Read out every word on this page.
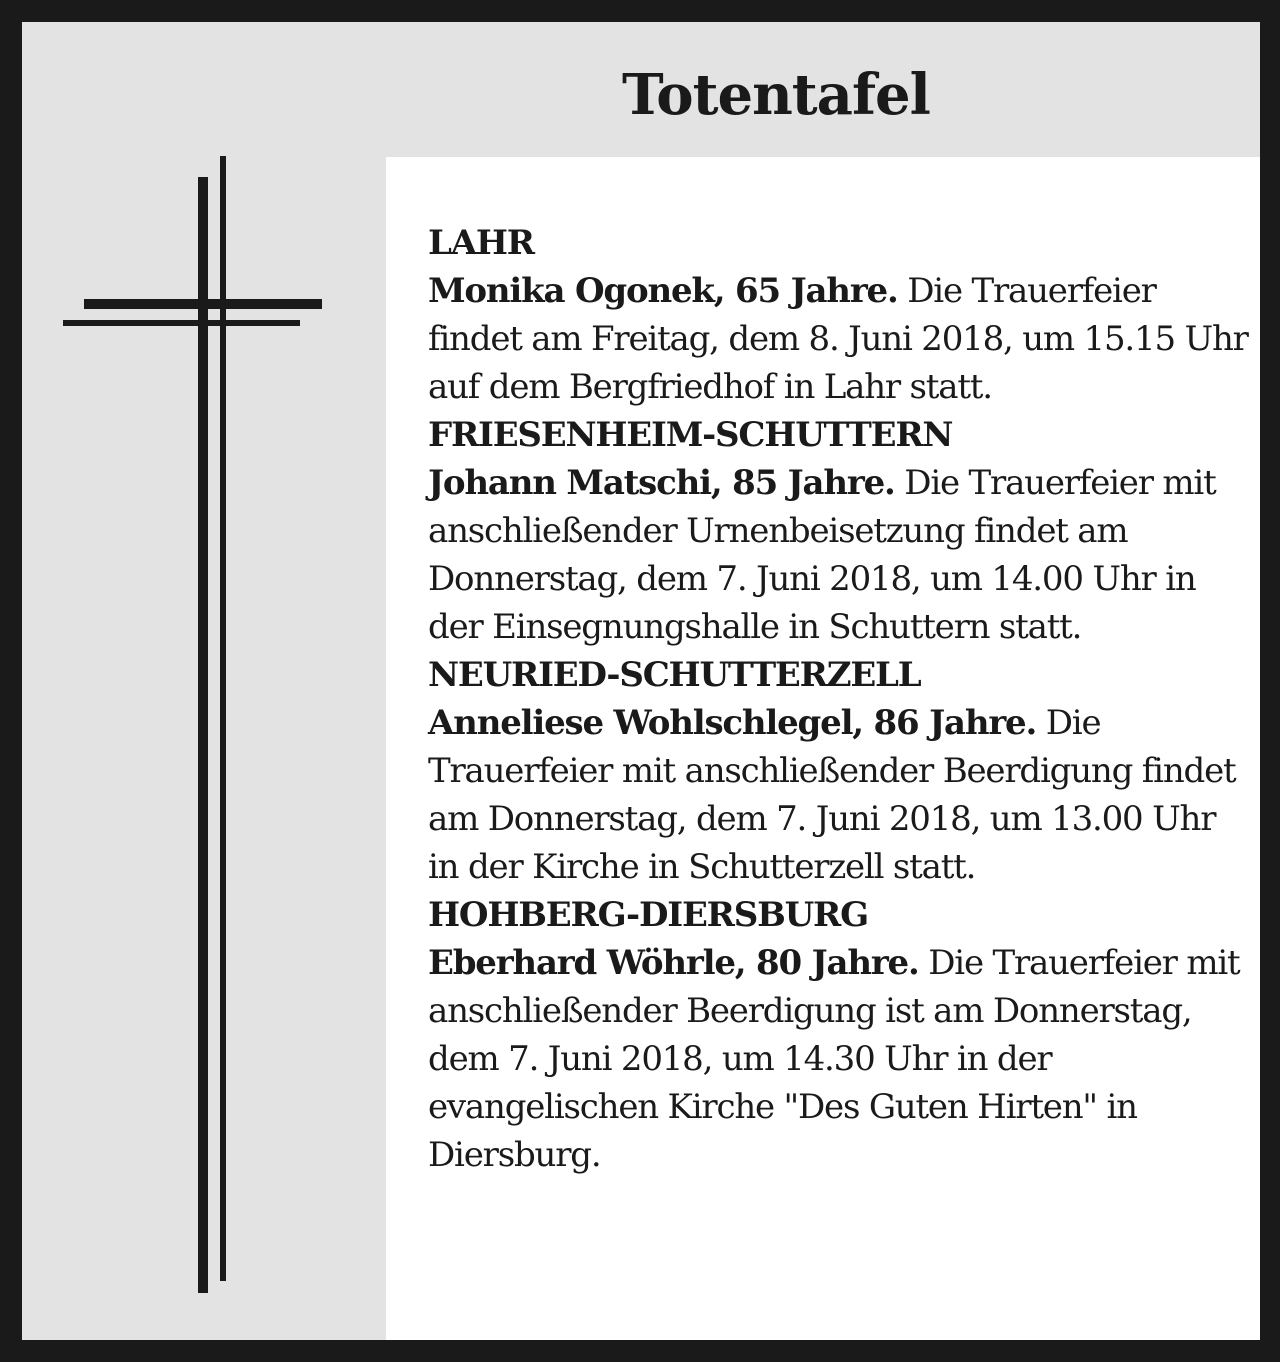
Totentafel

LAHR
Monika Ogonek, 65 Jahre. Die Trauerfeier findet am Freitag, dem 8. Juni 2018, um 15.15 Uhr auf dem Bergfriedhof in Lahr statt.

FRIESENHEIM-SCHUTTERN
Johann Matschi, 85 Jahre. Die Trauerfeier mit anschließender Urnenbeisetzung findet am Donnerstag, dem 7. Juni 2018, um 14.00 Uhr in der Einsegnungshalle in Schuttern statt.

NEURIED-SCHUTTERZELL
Anneliese Wohlschlegel, 86 Jahre. Die Trauerfeier mit anschließender Beerdigung findet am Donnerstag, dem 7. Juni 2018, um 13.00 Uhr in der Kirche in Schutterzell statt.

HOHBERG-DIERSBURG
Eberhard Wöhrle, 80 Jahre. Die Trauerfeier mit anschließender Beerdigung ist am Donnerstag, dem 7. Juni 2018, um 14.30 Uhr in der evangelischen Kirche "Des Guten Hirten" in Diersburg.
